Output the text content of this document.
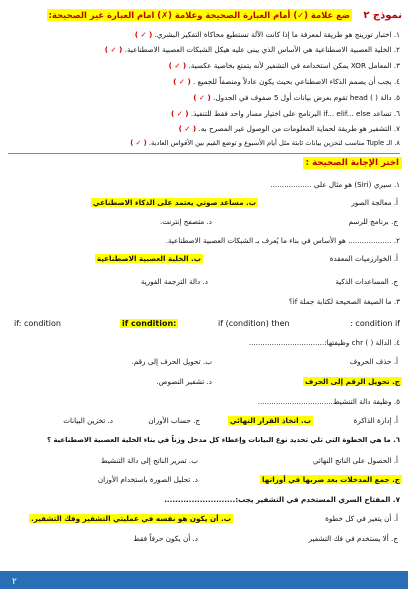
نموذج ٢
ضع علامة (✓) أمام العبارة الصحيحة وعلامة (✗) امام العبارة غير الصحيحة:
١. اختبار تورينج هو طريقة لمعرفة ما إذا كانت الآلة تستطيع محاكاة التفكير البشري. ( ✓ )
٢. الخلية العصبية الاصطناعية هي الأساس الذي يبنى عليه هيكل الشبكات العصبية الاصطناعية. ( ✓ )
٣. المعامل XOR يمكن استخدامه في التشفير لأنه يتمتع بخاصية عكسية. ( ✓ )
٤. يجب أن يصمم الذكاء الاصطناعي بحيث يكون عادلاً ومنصفاً للجميع . ( ✓ )
٥. دالة ( ) head تقوم بعرض بيانات أول 5 صفوف في الجدول. ( ✓ )
٦. تساعد if... elif... else البرنامج على اختيار مسار واحد فقط للتنفيذ. ( ✓ )
٧. التشفير هو طريقة لحماية المعلومات من الوصول غير المصرح به. ( ✓ )
٨. الـ Tuple مناسب لتخزين بيانات ثابتة مثل أيام الأسبوع و توضع القيم بين الأقواس العادية. ( ✓ )
اختر الإجابة الصحيحة :
١. سيري (Siri) هو مثال على ..................
أ. معالجة الصور
ب. مساعد صوتي يعتمد على الذكاء الاصطناعي
ج. برنامج للرسم
د. متصفح إنترنت.
٢. ................... هو الأساس في بناء ما يُعرف بـ الشبكات العصبية الاصطناعية.
أ. الخوارزميات المعقدة
ب. الخلية العصبية الاصطناعية
ج. المساعدات الذكية
د. دالة الترجمة الفورية
٣. ما الصيغة الصحيحة لكتابة جملة if؟
: condition if
if (condition) then
if condition:
if: condition
٤. الدالة ( ) chr وظيفتها:.................................
أ. حذف الحروف
ب. تحويل الحرف إلى رقم.
ج. تحويل الرقم إلى الحرف
د. تشفير النصوص.
٥. وظيفة دالة التنشيط.................................
أ. إدارة الذاكرة
ب. اتخاذ القرار النهائي
ج. حساب الأوزان
د. تخزين البيانات
٦. ما هي الخطوة التي تلي تحديد نوع البيانات وإعطاء كل مدخل وزناً في بناء الخلية العصبية الاصطناعية ؟
أ. الحصول على الناتج النهائي
ب. تمرير الناتج إلى دالة التنشيط
ج. جمع المدخلات بعد ضربها في أوزانها
د. تحليل الصورة باستخدام الأوزان
٧. المفتاح السري المستخدم في التشفير يجب:..........................
أ. أن يتغير في كل خطوة
ب. أن يكون هو نفسه في عمليتي التشفير وفك التشفير.
ج. ألا يستخدم في فك التشفير
د. أن يكون حرفاً فقط
٢
